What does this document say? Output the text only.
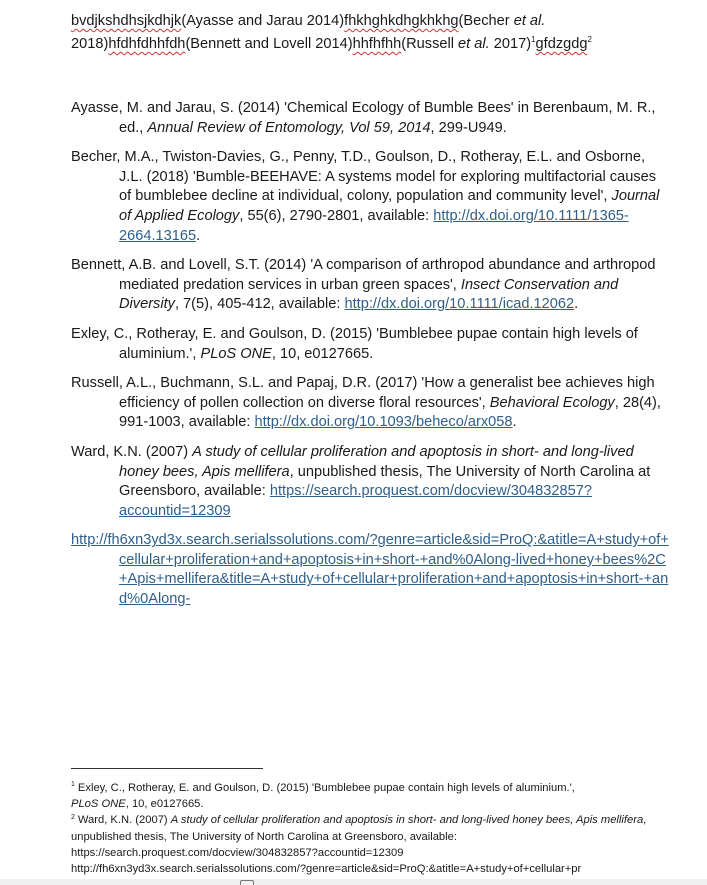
bvdjkshdhsjkdhjk(Ayasse and Jarau 2014)fhkhghkdhgkhkhg(Becher et al.

2018)hfdhfdhhfdh(Bennett and Lovell 2014)hhfhfhh(Russell et al. 2017)$^1$gfdzgdg$^2$

Ayasse, M. and Jarau, S. (2014) 'Chemical Ecology of Bumble Bees' in Berenbaum, M. R., ed., Annual Review of Entomology, Vol 59, 2014, 299-U949.

Becher, M.A., Twiston-Davies, G., Penny, T.D., Goulson, D., Rotheray, E.L. and Osborne, J.L. (2018) 'Bumble-BEEHAVE: A systems model for exploring multifactorial causes of bumblebee decline at individual, colony, population and community level', Journal of Applied Ecology, 55(6), 2790-2801, available: http://dx.doi.org/10.1111/1365-2664.13165.

Bennett, A.B. and Lovell, S.T. (2014) 'A comparison of arthropod abundance and arthropod mediated predation services in urban green spaces', Insect Conservation and Diversity, 7(5), 405-412, available: http://dx.doi.org/10.1111/icad.12062.

Exley, C., Rotheray, E. and Goulson, D. (2015) 'Bumblebee pupae contain high levels of aluminium.', PLoS ONE, 10, e0127665.

Russell, A.L., Buchmann, S.L. and Papaj, D.R. (2017) 'How a generalist bee achieves high efficiency of pollen collection on diverse floral resources', Behavioral Ecology, 28(4), 991-1003, available: http://dx.doi.org/10.1093/beheco/arx058.

Ward, K.N. (2007) A study of cellular proliferation and apoptosis in short- and long-lived honey bees, Apis mellifera, unpublished thesis, The University of North Carolina at Greensboro, available: https://search.proquest.com/docview/304832857?accountid=12309

http://fh6xn3yd3x.search.serialssolutions.com/?genre=article&sid=ProQ:&atitle=A+study+of+cellular+proliferation+and+apoptosis+in+short-+and%0Along-lived+honey+bees%2C+Apis+mellifera&title=A+study+of+cellular+proliferation+and+apoptosis+in+short-+and%0Along-

$^1$ Exley, C., Rotheray, E. and Goulson, D. (2015) 'Bumblebee pupae contain high levels of aluminium.',

PLoS ONE, 10, e0127665.

$^2$ Ward, K.N. (2007) A study of cellular proliferation and apoptosis in short- and long-lived honey bees, Apis mellifera, unpublished thesis, The University of North Carolina at Greensboro, available:

https://search.proquest.com/docview/304832857?accountid=12309

http://fh6xn3yd3x.search.serialssolutions.com/?genre=article&sid=ProQ:&atitle=A+study+of+cellular+pr
